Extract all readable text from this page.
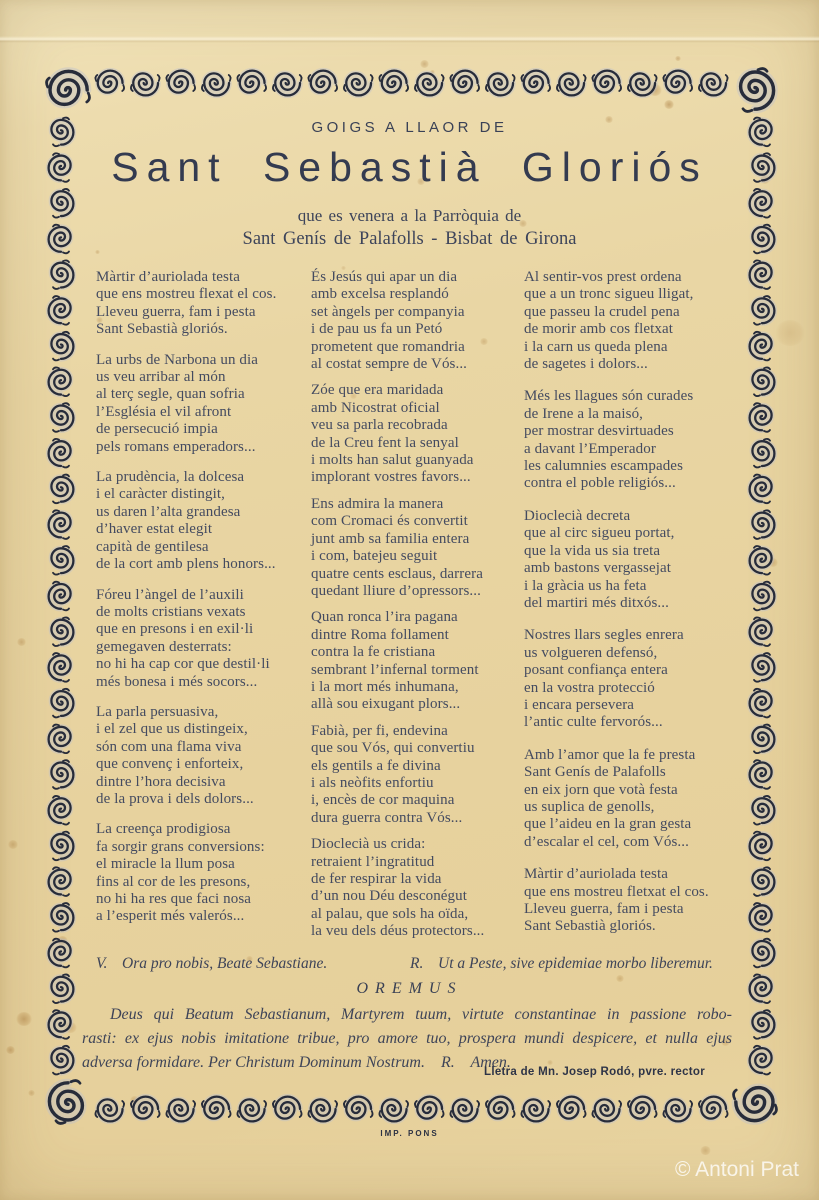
GOIGS A LLAOR DE
Sant Sebastià Gloriós
que es venera a la Parròquia de
Sant Genís de Palafolls - Bisbat de Girona
Màrtir d’auriolada testa
que ens mostreu flexat el cos.
Lleveu guerra, fam i pesta
Sant Sebastià gloriós.
La urbs de Narbona un dia
us veu arribar al món
al terç segle, quan sofria
l’Església el vil afront
de persecució impia
pels romans emperadors...
La prudència, la dolcesa
i el caràcter distingit,
us daren l’alta grandesa
d’haver estat elegit
capità de gentilesa
de la cort amb plens honors...
Fóreu l’àngel de l’auxili
de molts cristians vexats
que en presons i en exil·li
gemegaven desterrats:
no hi ha cap cor que destil·li
més bonesa i més socors...
La parla persuasiva,
i el zel que us distingeix,
són com una flama viva
que convenç i enforteix,
dintre l’hora decisiva
de la prova i dels dolors...
La creença prodigiosa
fa sorgir grans conversions:
el miracle la llum posa
fins al cor de les presons,
no hi ha res que faci nosa
a l’esperit més valerós...
És Jesús qui apar un dia
amb excelsa resplandó
set àngels per companyia
i de pau us fa un Petó
prometent que romandria
al costat sempre de Vós...
Zóe que era maridada
amb Nicostrat oficial
veu sa parla recobrada
de la Creu fent la senyal
i molts han salut guanyada
implorant vostres favors...
Ens admira la manera
com Cromaci és convertit
junt amb sa familia entera
i com, batejeu seguit
quatre cents esclaus, darrera
quedant lliure d’opressors...
Quan ronca l’ira pagana
dintre Roma follament
contra la fe cristiana
sembrant l’infernal torment
i la mort més inhumana,
allà sou eixugant plors...
Fabià, per fi, endevina
que sou Vós, qui convertiu
els gentils a fe divina
i als neòfits enfortiu
i, encès de cor maquina
dura guerra contra Vós...
Dioclecià us crida:
retraient l’ingratitud
de fer respirar la vida
d’un nou Déu desconégut
al palau, que sols ha oïda,
la veu dels déus protectors...
Al sentir-vos prest ordena
que a un tronc sigueu lligat,
que passeu la crudel pena
de morir amb cos fletxat
i la carn us queda plena
de sagetes i dolors...
Més les llagues són curades
de Irene a la maisó,
per mostrar desvirtuades
a davant l’Emperador
les calumnies escampades
contra el poble religiós...
Dioclecià decreta
que al circ sigueu portat,
que la vida us sia treta
amb bastons vergassejat
i la gràcia us ha feta
del martiri més ditxós...
Nostres llars segles enrera
us volgueren defensó,
posant confiança entera
en la vostra protecció
i encara persevera
l’antic culte fervorós...
Amb l’amor que la fe presta
Sant Genís de Palafolls
en eix jorn que votà festa
us suplica de genolls,
que l’aideu en la gran gesta
d’escalar el cel, com Vós...
Màrtir d’auriolada testa
que ens mostreu fletxat el cos.
Lleveu guerra, fam i pesta
Sant Sebastià gloriós.
V. Ora pro nobis, Beate Sebastiane.	R. Ut a Peste, sive epidemiae morbo liberemur.
OREMUS
Deus qui Beatum Sebastianum, Martyrem tuum, virtute constantinae in passione robo-
rasti: ex ejus nobis imitatione tribue, pro amore tuo, prospera mundi despicere, et nulla ejus
adversa formidare. Per Christum Dominum Nostrum.    R.    Amen.
Lletra de Mn. Josep Rodó, pvre. rector
IMP. PONS
© Antoni Prat
